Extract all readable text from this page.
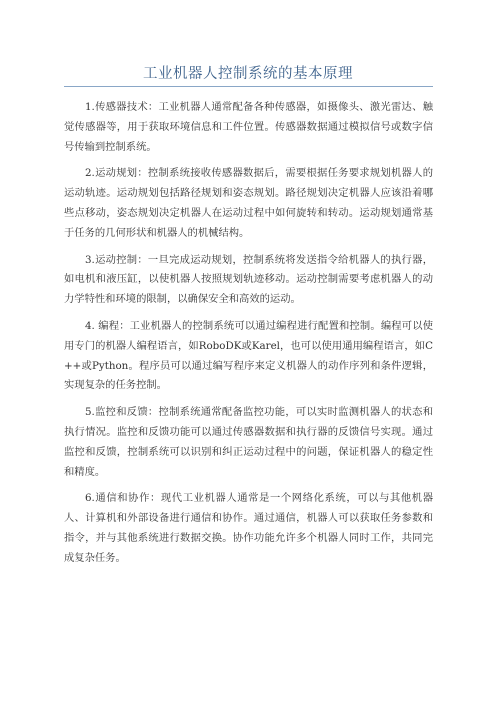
工业机器人控制系统的基本原理

1.传感器技术：工业机器人通常配备各种传感器，如摄像头、激光雷达、触觉传感器等，用于获取环境信息和工件位置。传感器数据通过模拟信号或数字信号传输到控制系统。

2.运动规划：控制系统接收传感器数据后，需要根据任务要求规划机器人的运动轨迹。运动规划包括路径规划和姿态规划。路径规划决定机器人应该沿着哪些点移动，姿态规划决定机器人在运动过程中如何旋转和转动。运动规划通常基于任务的几何形状和机器人的机械结构。

3.运动控制：一旦完成运动规划，控制系统将发送指令给机器人的执行器，如电机和液压缸，以使机器人按照规划轨迹移动。运动控制需要考虑机器人的动力学特性和环境的限制，以确保安全和高效的运动。

4. 编程：工业机器人的控制系统可以通过编程进行配置和控制。编程可以使用专门的机器人编程语言，如RoboDK或Karel，也可以使用通用编程语言，如C ++或Python。程序员可以通过编写程序来定义机器人的动作序列和条件逻辑，实现复杂的任务控制。

5.监控和反馈：控制系统通常配备监控功能，可以实时监测机器人的状态和执行情况。监控和反馈功能可以通过传感器数据和执行器的反馈信号实现。通过监控和反馈，控制系统可以识别和纠正运动过程中的问题，保证机器人的稳定性和精度。

6.通信和协作：现代工业机器人通常是一个网络化系统，可以与其他机器人、计算机和外部设备进行通信和协作。通过通信，机器人可以获取任务参数和指令，并与其他系统进行数据交换。协作功能允许多个机器人同时工作，共同完成复杂任务。
